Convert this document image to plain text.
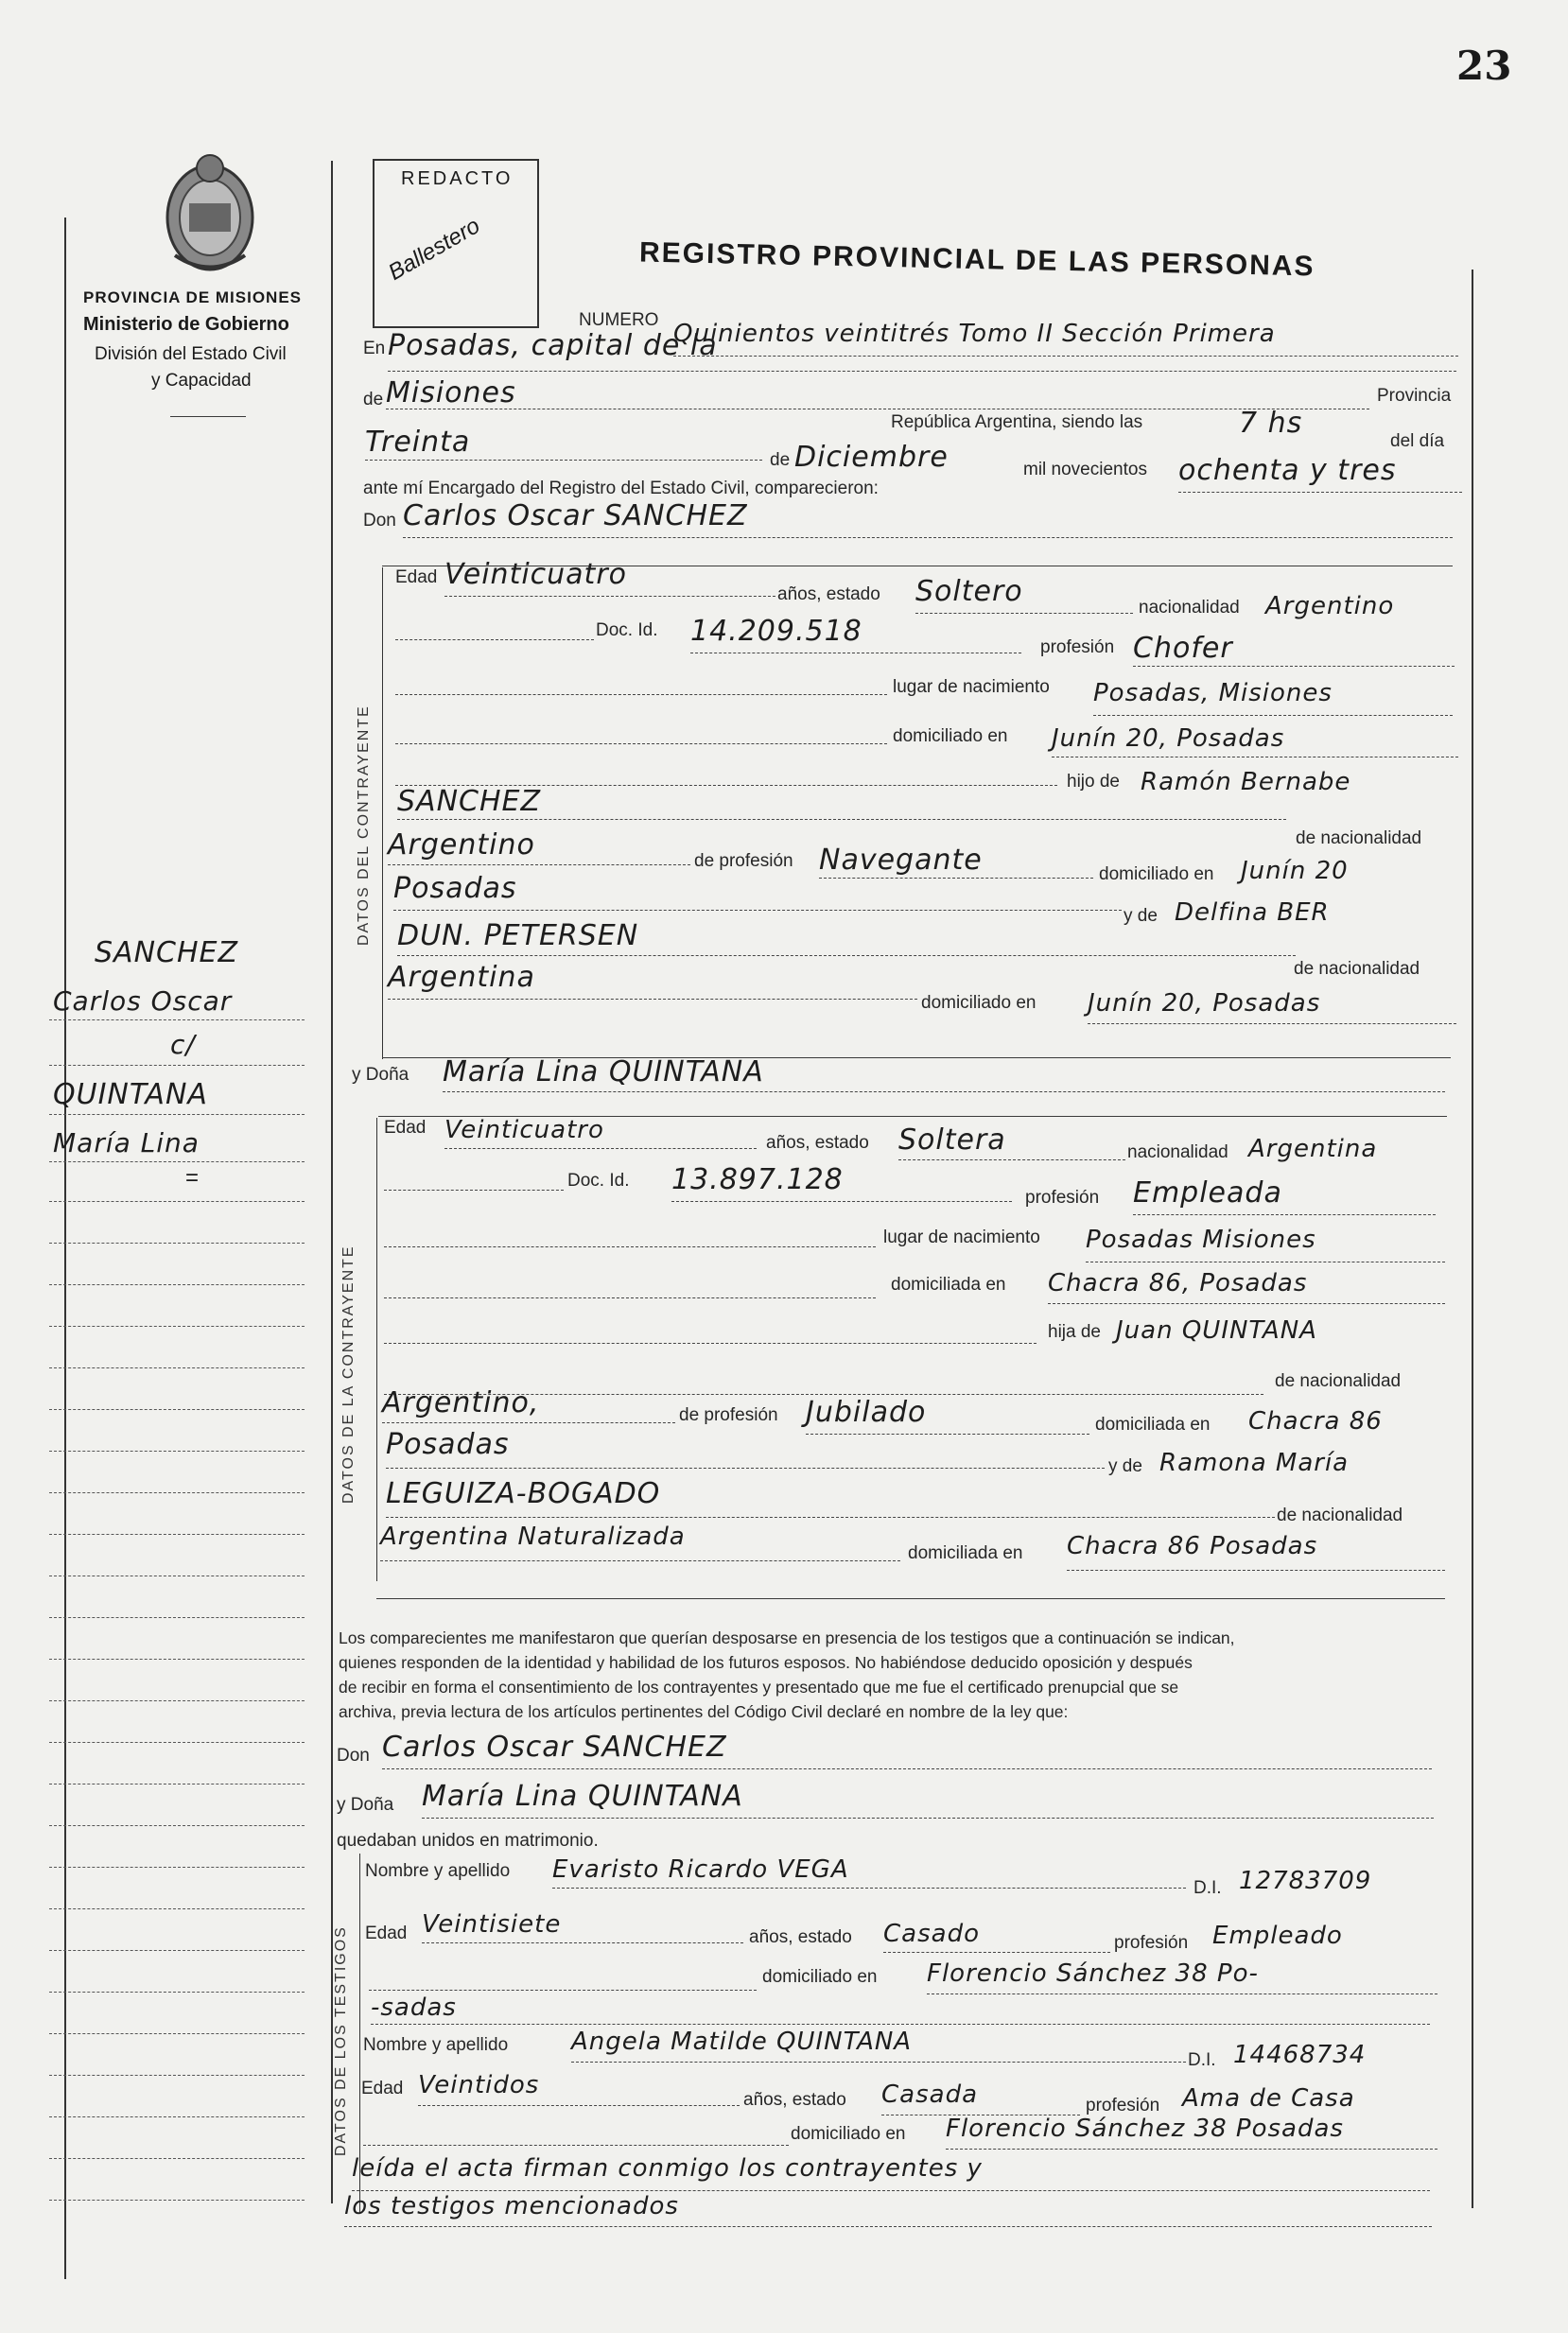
23
PROVINCIA DE MISIONES
Ministerio de Gobierno
División del Estado Civil
y Capacidad
REDACTO
Ballestero	REGISTRO PROVINCIAL DE LAS PERSONAS
NUMERO Quinientos veintitrés Tomo II Sección Primera
En Posadas, capital de la
de Misiones	Provincia
República Argentina, siendo las	7 hs
del día
Treinta
de Diciembre	mil novecientos ochenta y tres
ante mí Encargado del Registro del Estado Civil, comparecieron:
Don Carlos Oscar SANCHEZ
DATOS DEL CONTRAYENTE
Edad Veinticuatro
años, estado Soltero	nacionalidad Argentino
Doc. Id. 14.209.518	profesión Chofer
lugar de nacimiento Posadas, Misiones
domiciliado en Junín 20, Posadas
hijo de Ramón Bernabe
SANCHEZ
de nacionalidad
Argentino	de profesión Navegante	domiciliado en Junín 20
Posadas
y de Delfina BER
DUN. PETERSEN
de nacionalidad
Argentina
domiciliado en Junín 20, Posadas
SANCHEZ
Carlos Oscar
c/
QUINTANA
María Lina
=
y Doña María Lina QUINTANA
DATOS DE LA CONTRAYENTE
Edad Veinticuatro	años, estado Soltera	nacionalidad Argentina
Doc. Id. 13.897.128
profesión Empleada
lugar de nacimiento Posadas Misiones
domiciliada en Chacra 86, Posadas
hija de Juan QUINTANA
de nacionalidad
Argentino,	de profesión Jubilado	domiciliada en Chacra 86
Posadas
y de Ramona María
LEGUIZA-BOGADO
de nacionalidad
Argentina Naturalizada
domiciliada en Chacra 86 Posadas
Los comparecientes me manifestaron que querían desposarse en presencia de los testigos que a continuación se indican,
quienes responden de la identidad y habilidad de los futuros esposos. No habiéndose deducido oposición y después
de recibir en forma el consentimiento de los contrayentes y presentado que me fue el certificado prenupcial que se
archiva, previa lectura de los artículos pertinentes del Código Civil declaré en nombre de la ley que:
Don Carlos Oscar SANCHEZ
y Doña María Lina QUINTANA
quedaban unidos en matrimonio.
DATOS DE LOS TESTIGOS
Nombre y apellido Evaristo Ricardo VEGA
D.I. 12783709
Edad Veintisiete	años, estado Casado	profesión Empleado
domiciliado en Florencio Sánchez 38 Po-
-sadas
Nombre y apellido	Angela Matilde QUINTANA
D.I. 14468734
Edad Veintidos
años, estado Casada	profesión Ama de Casa
domiciliado en Florencio Sánchez 38 Posadas
leída el acta firman conmigo los contrayentes y
los testigos mencionados
